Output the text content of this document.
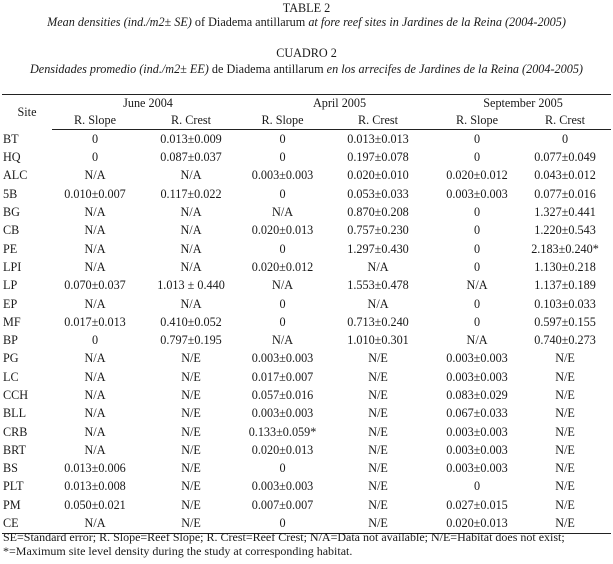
TABLE 2
Mean densities (ind./m2± SE) of Diadema antillarum at fore reef sites in Jardines de la Reina (2004-2005)
CUADRO 2
Densidades promedio (ind./m2± EE) de Diadema antillarum en los arrecifes de Jardines de la Reina (2004-2005)
Site	June 2004		April 2005		September 2005	
	R. Slope	R. Crest	R. Slope	R. Crest	R. Slope	R. Crest
BT	0	0.013±0.009	0	0.013±0.013	0	0
HQ	0	0.087±0.037	0	0.197±0.078	0	0.077±0.049
ALC	N/A	N/A	0.003±0.003	0.020±0.010	0.020±0.012	0.043±0.012
5B	0.010±0.007	0.117±0.022	0	0.053±0.033	0.003±0.003	0.077±0.016
BG	N/A	N/A	N/A	0.870±0.208	0	1.327±0.441
CB	N/A	N/A	0.020±0.013	0.757±0.230	0	1.220±0.543
PE	N/A	N/A	0	1.297±0.430	0	2.183±0.240*
LPI	N/A	N/A	0.020±0.012	N/A	0	1.130±0.218
LP	0.070±0.037	1.013 ± 0.440	N/A	1.553±0.478	N/A	1.137±0.189
EP	N/A	N/A	0	N/A	0	0.103±0.033
MF	0.017±0.013	0.410±0.052	0	0.713±0.240	0	0.597±0.155
BP	0	0.797±0.195	N/A	1.010±0.301	N/A	0.740±0.273
PG	N/A	N/E	0.003±0.003	N/E	0.003±0.003	N/E
LC	N/A	N/E	0.017±0.007	N/E	0.003±0.003	N/E
CCH	N/A	N/E	0.057±0.016	N/E	0.083±0.029	N/E
BLL	N/A	N/E	0.003±0.003	N/E	0.067±0.033	N/E
CRB	N/A	N/E	0.133±0.059*	N/E	0.003±0.003	N/E
BRT	N/A	N/E	0.020±0.013	N/E	0.003±0.003	N/E
BS	0.013±0.006	N/E	0	N/E	0.003±0.003	N/E
PLT	0.013±0.008	N/E	0.003±0.003	N/E	0	N/E
PM	0.050±0.021	N/E	0.007±0.007	N/E	0.027±0.015	N/E
CE	N/A	N/E	0	N/E	0.020±0.013	N/E
SE=Standard error; R. Slope=Reef Slope; R. Crest=Reef Crest; N/A=Data not available; N/E=Habitat does not exist;
*=Maximum site level density during the study at corresponding habitat.
